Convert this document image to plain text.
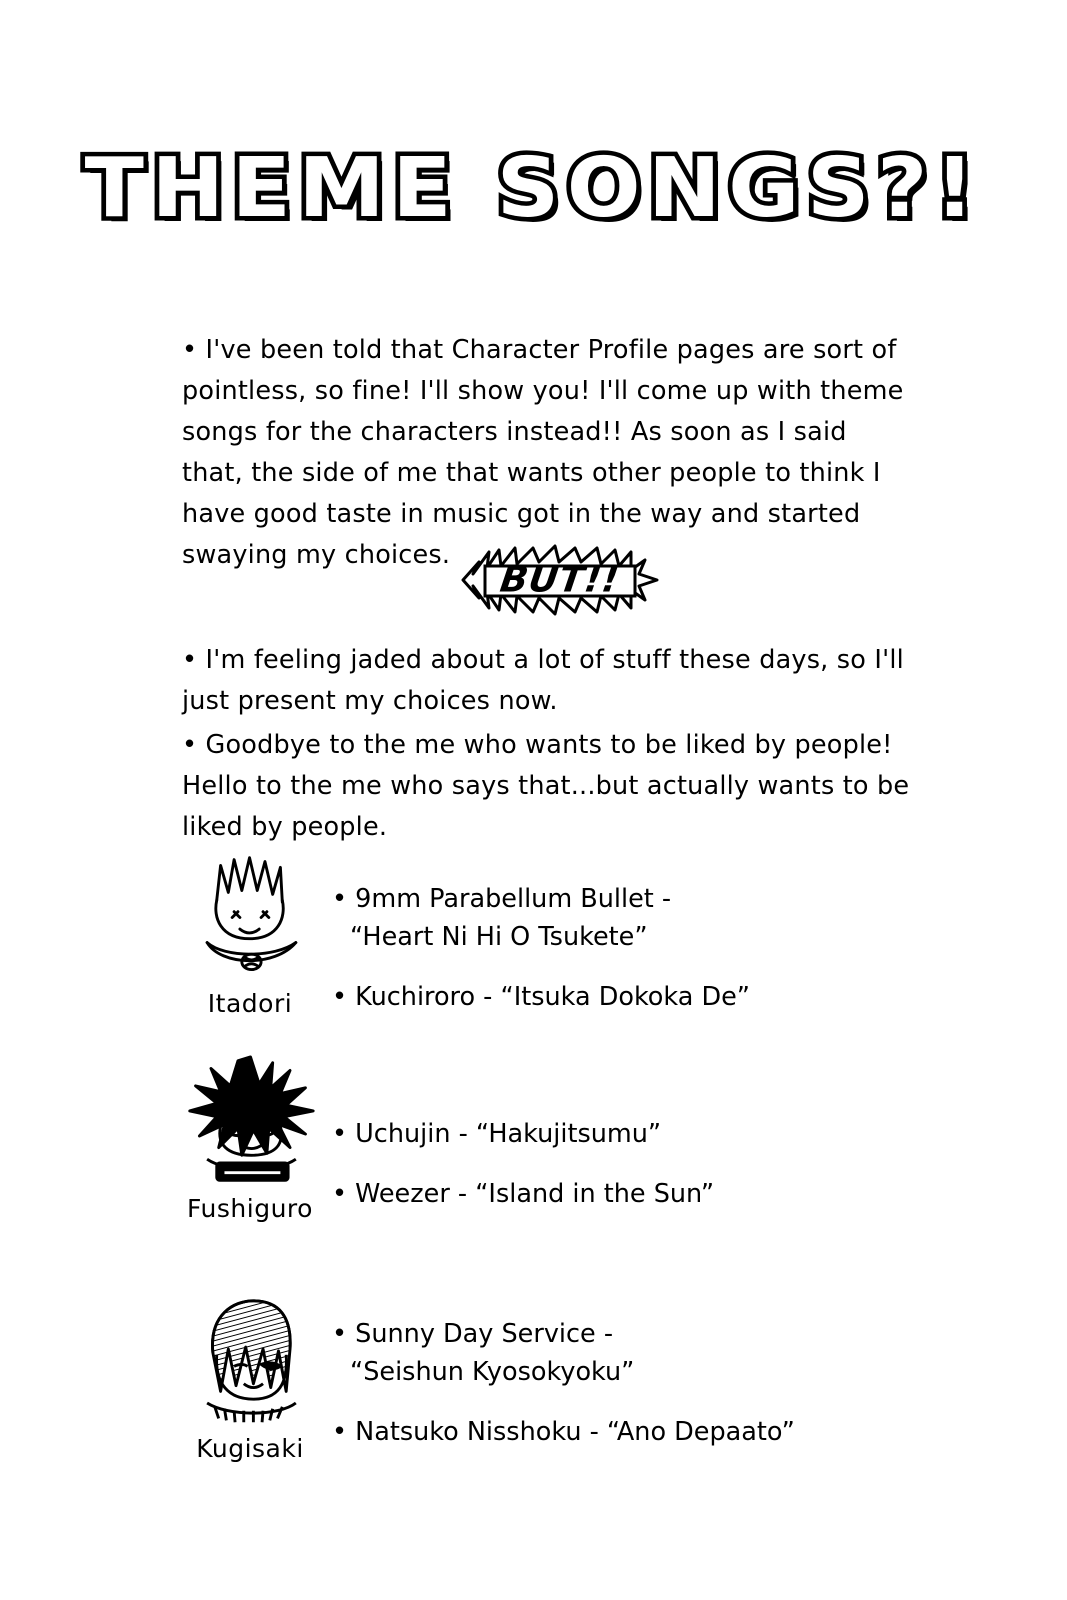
THEME SONGS?!
• I've been told that Character Profile pages are sort of pointless, so fine! I'll show you! I'll come up with theme songs for the characters instead!! As soon as I said that, the side of me that wants other people to think I have good taste in music got in the way and started swaying my choices.
BUT!!
• I'm feeling jaded about a lot of stuff these days, so I'll just present my choices now.
• Goodbye to the me who wants to be liked by people! Hello to the me who says that...but actually wants to be liked by people.
Itadori
• 9mm Parabellum Bullet -
“Heart Ni Hi O Tsukete”
• Kuchiroro - “Itsuka Dokoka De”
Fushiguro
• Uchujin - “Hakujitsumu”
• Weezer - “Island in the Sun”
Kugisaki
• Sunny Day Service -
“Seishun Kyosokyoku”
• Natsuko Nisshoku - “Ano Depaato”
